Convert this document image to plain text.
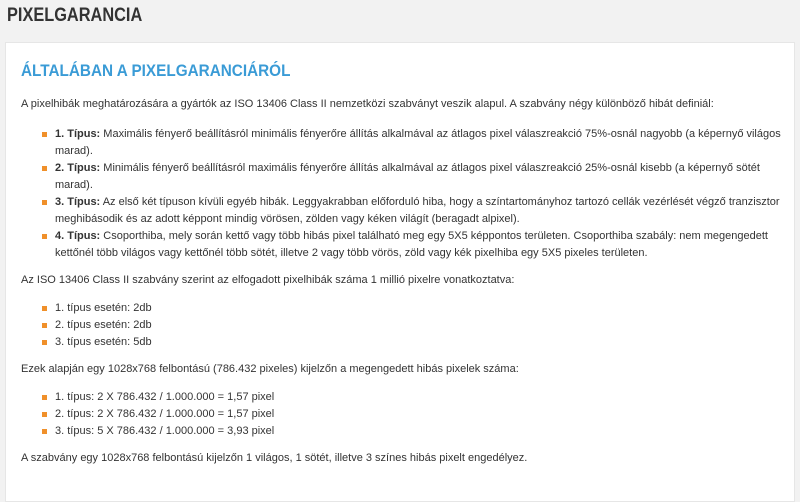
PIXELGARANCIA
ÁLTALÁBAN A PIXELGARANCIÁRÓL

A pixelhibák meghatározására a gyártók az ISO 13406 Class II nemzetközi szabványt veszik alapul. A szabvány négy különböző hibát definiál:

1. Típus: Maximális fényerő beállításról minimális fényerőre állítás alkalmával az átlagos pixel válaszreakció 75%-osnál nagyobb (a képernyő világos marad).
2. Típus: Minimális fényerő beállításról maximális fényerőre állítás alkalmával az átlagos pixel válaszreakció 25%-osnál kisebb (a képernyő sötét marad).
3. Típus: Az első két típuson kívüli egyéb hibák. Leggyakrabban előforduló hiba, hogy a színtartományhoz tartozó cellák vezérlését végző tranzisztor meghibásodik és az adott képpont mindig vörösen, zölden vagy kéken világít (beragadt alpixel).
4. Típus: Csoporthiba, mely során kettő vagy több hibás pixel található meg egy 5X5 képpontos területen. Csoporthiba szabály: nem megengedett kettőnél több világos vagy kettőnél több sötét, illetve 2 vagy több vörös, zöld vagy kék pixelhiba egy 5X5 pixeles területen.

Az ISO 13406 Class II szabvány szerint az elfogadott pixelhibák száma 1 millió pixelre vonatkoztatva:

1. típus esetén: 2db
2. típus esetén: 2db
3. típus esetén: 5db

Ezek alapján egy 1028x768 felbontású (786.432 pixeles) kijelzőn a megengedett hibás pixelek száma:

1. típus: 2 X 786.432 / 1.000.000 = 1,57 pixel
2. típus: 2 X 786.432 / 1.000.000 = 1,57 pixel
3. típus: 5 X 786.432 / 1.000.000 = 3,93 pixel

A szabvány egy 1028x768 felbontású kijelzőn 1 világos, 1 sötét, illetve 3 színes hibás pixelt engedélyez.
